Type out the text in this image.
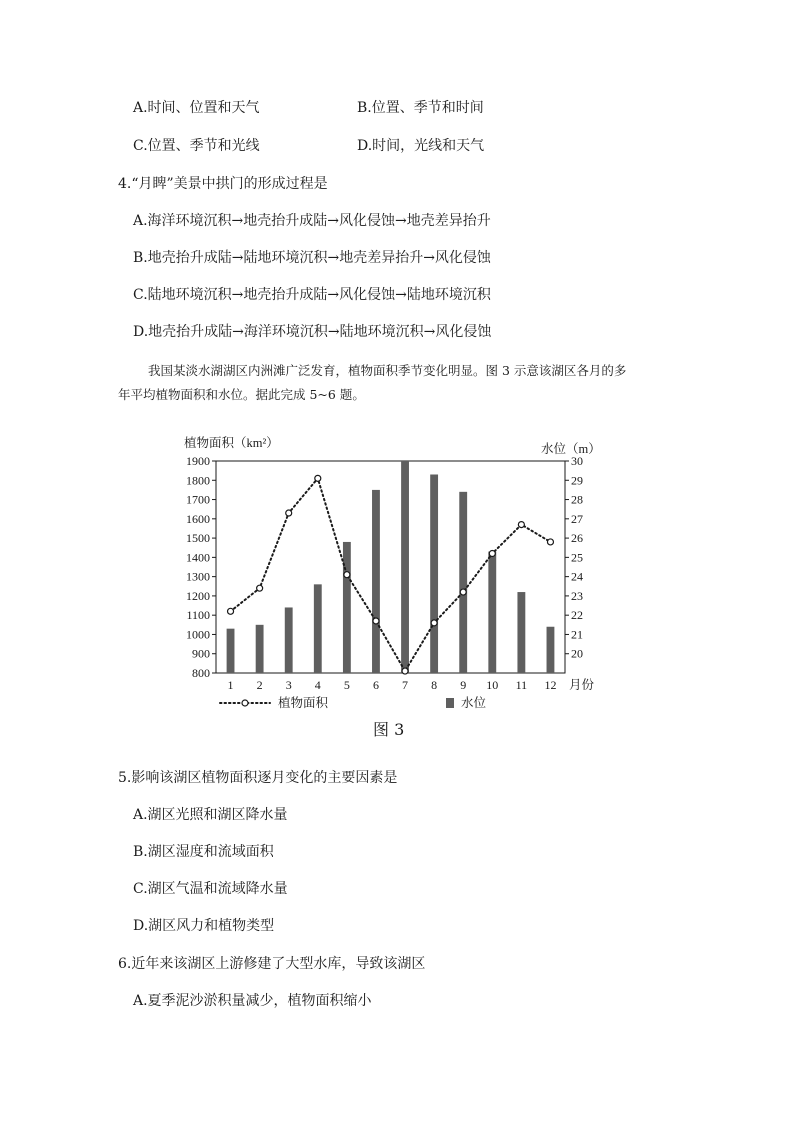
A.时间、位置和天气	B.位置、季节和时间
C.位置、季节和光线	D.时间，光线和天气
4.“月睥”美景中拱门的形成过程是
A.海洋环境沉积→地壳抬升成陆→风化侵蚀→地壳差异抬升
B.地壳抬升成陆→陆地环境沉积→地壳差异抬升→风化侵蚀
C.陆地环境沉积→地壳抬升成陆→风化侵蚀→陆地环境沉积
D.地壳抬升成陆→海洋环境沉积→陆地环境沉积→风化侵蚀
我国某淡水湖湖区内洲滩广泛发育，植物面积季节变化明显。图 3 示意该湖区各月的多
年平均植物面积和水位。据此完成 5~6 题。
800
900
1000
1100
1200
1300
1400
1500
1600
1700
1800
1900
植物面积（km²）
20
21
22
23
24
25
26
27
28
29
30
水位（m）
1 2 3 4 5 6 7 8 9 10 11 12 月份
植物面积	水位
图 3
5.影响该湖区植物面积逐月变化的主要因素是
A.湖区光照和湖区降水量
B.湖区湿度和流域面积
C.湖区气温和流域降水量
D.湖区风力和植物类型
6.近年来该湖区上游修建了大型水库，导致该湖区
A.夏季泥沙淤积量减少，植物面积缩小
